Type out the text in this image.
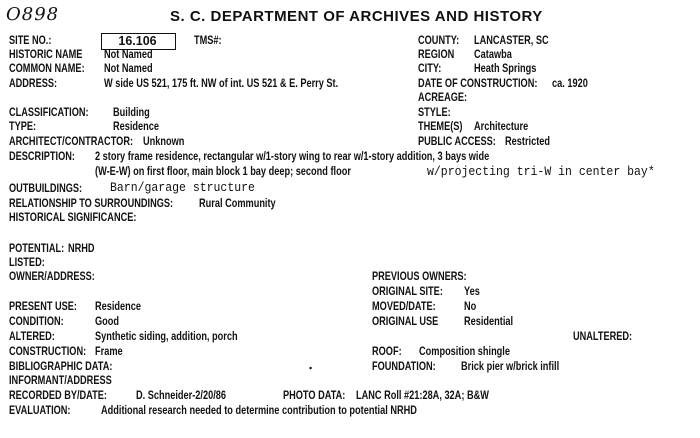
O898	S. C. DEPARTMENT OF ARCHIVES AND HISTORY
SITE NO.:	16.106	TMS#:	COUNTY: LANCASTER, SC
HISTORIC NAME Not Named	REGION Catawba
COMMON NAME: Not Named	CITY:	Heath Springs
ADDRESS:	W side US 521, 175 ft. NW of int. US 521 & E. Perry St.	DATE OF CONSTRUCTION: ca. 1920
ACREAGE:
CLASSIFICATION: Building	STYLE:
TYPE:	Residence	THEME(S) Architecture
ARCHITECT/CONTRACTOR: Unknown	PUBLIC ACCESS: Restricted
DESCRIPTION: 2 story frame residence, rectangular w/1-story wing to rear w/1-story addition, 3 bays wide
(W-E-W) on first floor, main block 1 bay deep; second floor	w/projecting tri-W in center bay*
OUTBUILDINGS: Barn/garage structure
RELATIONSHIP TO SURROUNDINGS: Rural Community
HISTORICAL SIGNIFICANCE:
POTENTIAL: NRHD
LISTED:
OWNER/ADDRESS:	PREVIOUS OWNERS:
ORIGINAL SITE: Yes
PRESENT USE: Residence	MOVED/DATE: No
CONDITION:	Good	ORIGINAL USE Residential
ALTERED:	Synthetic siding, addition, porch	UNALTERED:
CONSTRUCTION: Frame	ROOF: Composition shingle
BIBLIOGRAPHIC DATA:	FOUNDATION: Brick pier w/brick infill
•
INFORMANT/ADDRESS
RECORDED BY/DATE:	D. Schneider-2/20/86	PHOTO DATA: LANC Roll #21:28A, 32A; B&W
EVALUATION:	Additional research needed to determine contribution to potential NRHD
